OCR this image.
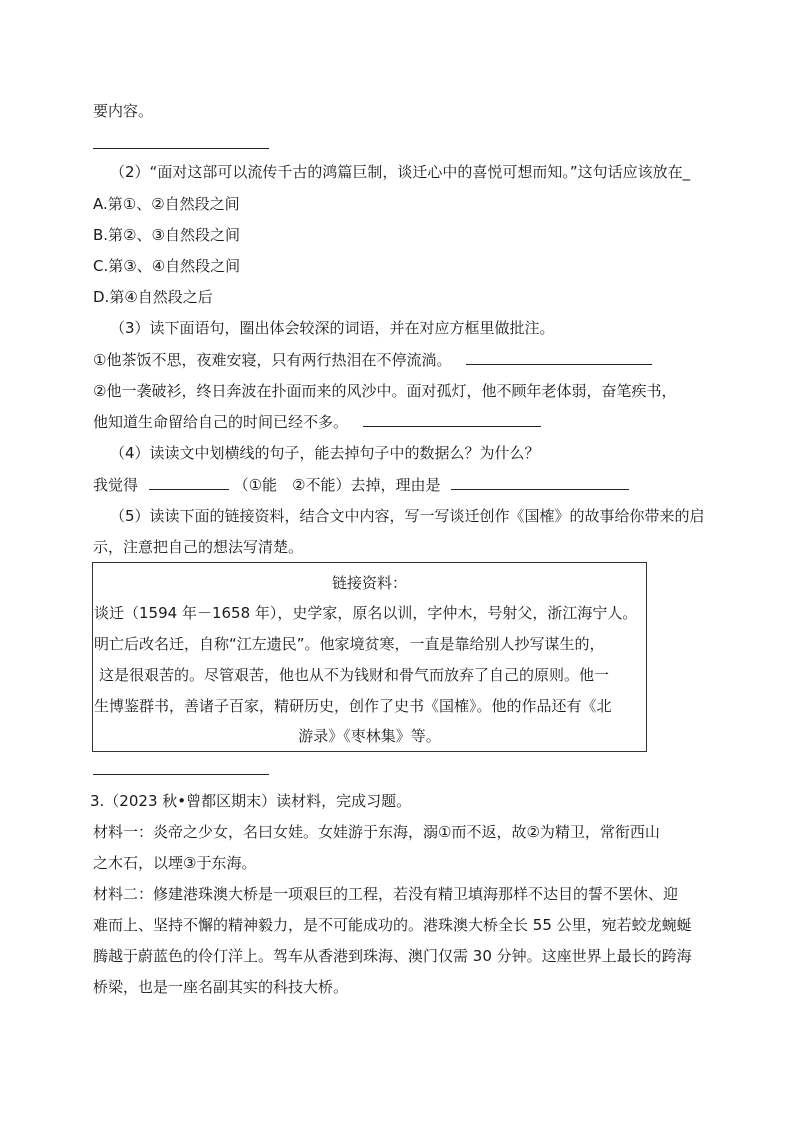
要内容。
（2）“面对这部可以流传千古的鸿篇巨制，谈迁心中的喜悦可想而知。”这句话应该放在_
A.第①、②自然段之间
B.第②、③自然段之间
C.第③、④自然段之间
D.第④自然段之后
（3）读下面语句，圈出体会较深的词语，并在对应方框里做批注。
①他茶饭不思，夜难安寝，只有两行热泪在不停流淌。
②他一袭破衫，终日奔波在扑面而来的风沙中。面对孤灯，他不顾年老体弱，奋笔疾书，
他知道生命留给自己的时间已经不多。
（4）读读文中划横线的句子，能去掉句子中的数据么？为什么？
我觉得	（①能　②不能）去掉，理由是
（5）读读下面的链接资料，结合文中内容，写一写谈迁创作《国榷》的故事给你带来的启
示，注意把自己的想法写清楚。
链接资料：
谈迁（1594 年－1658 年），史学家，原名以训，字仲木，号射父，浙江海宁人。
明亡后改名迁，自称“江左遗民”。他家境贫寒，一直是靠给别人抄写谋生的，
这是很艰苦的。尽管艰苦，他也从不为钱财和骨气而放弃了自己的原则。他一
生博鉴群书，善诸子百家，精研历史，创作了史书《国榷》。他的作品还有《北
游录》《枣林集》等。
3.（2023 秋•曾都区期末）读材料，完成习题。
材料一：炎帝之少女，名曰女娃。女娃游于东海，溺①而不返，故②为精卫，常衔西山
之木石，以堙③于东海。
材料二：修建港珠澳大桥是一项艰巨的工程，若没有精卫填海那样不达目的誓不罢休、迎
难而上、坚持不懈的精神毅力，是不可能成功的。港珠澳大桥全长 55 公里，宛若蛟龙蜿蜒
腾越于蔚蓝色的伶仃洋上。驾车从香港到珠海、澳门仅需 30 分钟。这座世界上最长的跨海
桥梁，也是一座名副其实的科技大桥。
